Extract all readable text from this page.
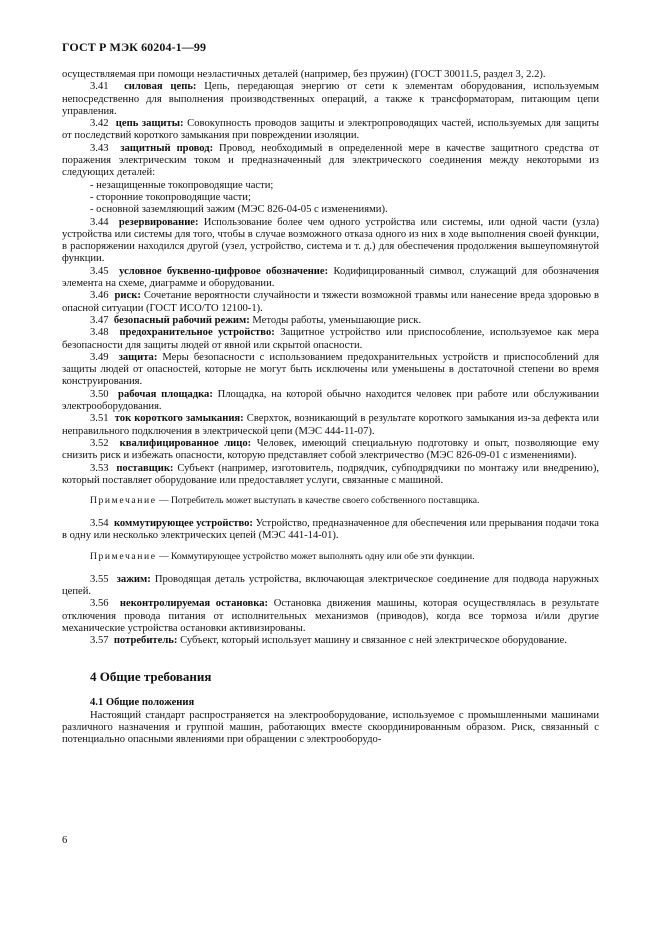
ГОСТ Р МЭК 60204-1—99

осуществляемая при помощи неэластичных деталей (например, без пружин) (ГОСТ 30011.5, раздел 3, 2.2).

3.41 силовая цепь: Цепь, передающая энергию от сети к элементам оборудования, используемым непосредственно для выполнения производственных операций, а также к трансформаторам, питающим цепи управления.

3.42 цепь защиты: Совокупность проводов защиты и электропроводящих частей, используемых для защиты от последствий короткого замыкания при повреждении изоляции.

3.43 защитный провод: Провод, необходимый в определенной мере в качестве защитного средства от поражения электрическим током и предназначенный для электрического соединения между некоторыми из следующих деталей:

- незащищенные токопроводящие части;

- сторонние токопроводящие части;

- основной заземляющий зажим (МЭС 826-04-05 с изменениями).

3.44 резервирование: Использование более чем одного устройства или системы, или одной части (узла) устройства или системы для того, чтобы в случае возможного отказа одного из них в ходе выполнения своей функции, в распоряжении находился другой (узел, устройство, система и т. д.) для обеспечения продолжения вышеупомянутой функции.

3.45 условное буквенно-цифровое обозначение: Кодифицированный символ, служащий для обозначения элемента на схеме, диаграмме и оборудовании.

3.46 риск: Сочетание вероятности случайности и тяжести возможной травмы или нанесение вреда здоровью в опасной ситуации (ГОСТ ИСО/ТО 12100-1).

3.47 безопасный рабочий режим: Методы работы, уменьшающие риск.

3.48 предохранительное устройство: Защитное устройство или приспособление, используемое как мера безопасности для защиты людей от явной или скрытой опасности.

3.49 защита: Меры безопасности с использованием предохранительных устройств и приспособлений для защиты людей от опасностей, которые не могут быть исключены или уменьшены в достаточной степени во время конструирования.

3.50 рабочая площадка: Площадка, на которой обычно находится человек при работе или обслуживании электрооборудования.

3.51 ток короткого замыкания: Сверхток, возникающий в результате короткого замыкания из-за дефекта или неправильного подключения в электрической цепи (МЭС 444-11-07).

3.52 квалифицированное лицо: Человек, имеющий специальную подготовку и опыт, позволяющие ему снизить риск и избежать опасности, которую представляет собой электричество (МЭС 826-09-01 с изменениями).

3.53 поставщик: Субъект (например, изготовитель, подрядчик, субподрядчики по монтажу или внедрению), который поставляет оборудование или предоставляет услуги, связанные с машиной.

Примечание — Потребитель может выступать в качестве своего собственного поставщика.

3.54 коммутирующее устройство: Устройство, предназначенное для обеспечения или прерывания подачи тока в одну или несколько электрических цепей (МЭС 441-14-01).

Примечание — Коммутирующее устройство может выполнять одну или обе эти функции.

3.55 зажим: Проводящая деталь устройства, включающая электрическое соединение для подвода наружных цепей.

3.56 неконтролируемая остановка: Остановка движения машины, которая осуществлялась в результате отключения провода питания от исполнительных механизмов (приводов), когда все тормоза и/или другие механические устройства остановки активизированы.

3.57 потребитель: Субъект, который использует машину и связанное с ней электрическое оборудование.

4 Общие требования
4.1 Общие положения

Настоящий стандарт распространяется на электрооборудование, используемое с промышленными машинами различного назначения и группой машин, работающих вместе скоординированным образом. Риск, связанный с потенциально опасными явлениями при обращении с электрооборудо-

6
